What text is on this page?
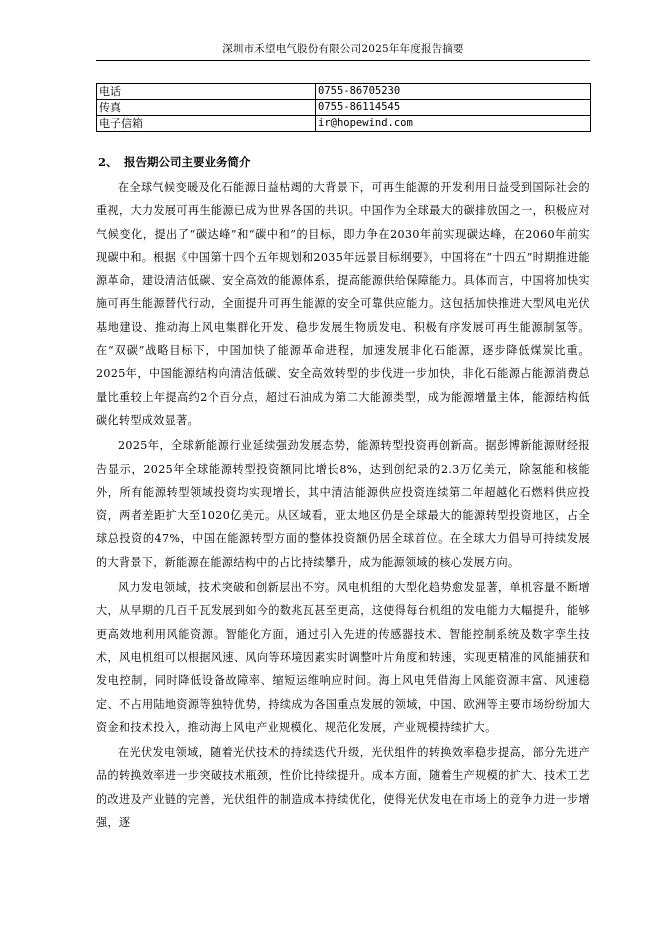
深圳市禾望电气股份有限公司2025年年度报告摘要
电话	0755-86705230
传真	0755-86114545
电子信箱	ir@hopewind.com
2、 报告期公司主要业务简介

在全球气候变暖及化石能源日益枯竭的大背景下，可再生能源的开发利用日益受到国际社会的重视，大力发展可再生能源已成为世界各国的共识。中国作为全球最大的碳排放国之一，积极应对气候变化，提出了“碳达峰”和“碳中和”的目标，即力争在2030年前实现碳达峰，在2060年前实现碳中和。根据《中国第十四个五年规划和2035年远景目标纲要》，中国将在“十四五”时期推进能源革命，建设清洁低碳、安全高效的能源体系，提高能源供给保障能力。具体而言，中国将加快实施可再生能源替代行动，全面提升可再生能源的安全可靠供应能力。这包括加快推进大型风电光伏基地建设、推动海上风电集群化开发、稳步发展生物质发电、积极有序发展可再生能源制氢等。在“双碳”战略目标下，中国加快了能源革命进程，加速发展非化石能源，逐步降低煤炭比重。2025年，中国能源结构向清洁低碳、安全高效转型的步伐进一步加快，非化石能源占能源消费总量比重较上年提高约2个百分点，超过石油成为第二大能源类型，成为能源增量主体，能源结构低碳化转型成效显著。

2025年，全球新能源行业延续强劲发展态势，能源转型投资再创新高。据彭博新能源财经报告显示，2025年全球能源转型投资额同比增长8%，达到创纪录的2.3万亿美元，除氢能和核能外，所有能源转型领域投资均实现增长，其中清洁能源供应投资连续第二年超越化石燃料供应投资，两者差距扩大至1020亿美元。从区域看，亚太地区仍是全球最大的能源转型投资地区，占全球总投资的47%，中国在能源转型方面的整体投资额仍居全球首位。在全球大力倡导可持续发展的大背景下，新能源在能源结构中的占比持续攀升，成为能源领域的核心发展方向。

风力发电领域，技术突破和创新层出不穷。风电机组的大型化趋势愈发显著，单机容量不断增大，从早期的几百千瓦发展到如今的数兆瓦甚至更高，这使得每台机组的发电能力大幅提升，能够更高效地利用风能资源。智能化方面，通过引入先进的传感器技术、智能控制系统及数字孪生技术，风电机组可以根据风速、风向等环境因素实时调整叶片角度和转速，实现更精准的风能捕获和发电控制，同时降低设备故障率、缩短运维响应时间。海上风电凭借海上风能资源丰富、风速稳定、不占用陆地资源等独特优势，持续成为各国重点发展的领域，中国、欧洲等主要市场纷纷加大资金和技术投入，推动海上风电产业规模化、规范化发展，产业规模持续扩大。

在光伏发电领域，随着光伏技术的持续迭代升级，光伏组件的转换效率稳步提高，部分先进产品的转换效率进一步突破技术瓶颈，性价比持续提升。成本方面，随着生产规模的扩大、技术工艺的改进及产业链的完善，光伏组件的制造成本持续优化，使得光伏发电在市场上的竞争力进一步增强，逐
